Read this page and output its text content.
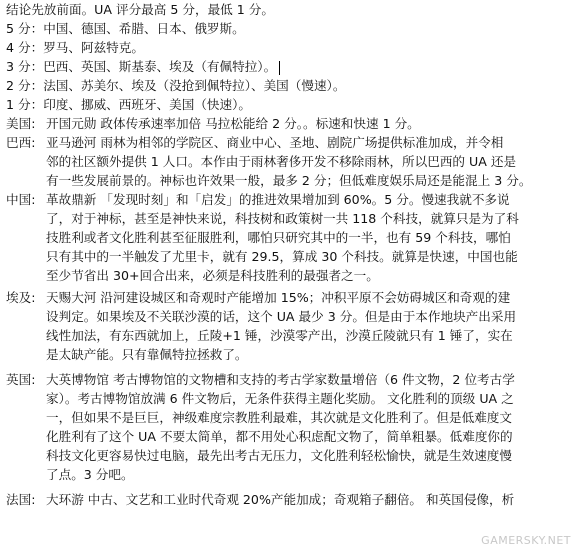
结论先放前面。UA 评分最高 5 分，最低 1 分。
5 分：中国、德国、希腊、日本、俄罗斯。
4 分：罗马、阿兹特克。
3 分：巴西、英国、斯基泰、埃及（有佩特拉）。
2 分：法国、苏美尔、埃及（没抢到佩特拉）、美国（慢速）。
1 分：印度、挪威、西班牙、美国（快速）。
美国: 开国元勋 政体传承速率加倍 马拉松能给 2 分。。标速和快速 1 分。
巴西: 亚马逊河 雨林为相邻的学院区、商业中心、圣地、剧院广场提供标准加成，并令相
邻的社区额外提供 1 人口。本作由于雨林奢侈开发不移除雨林，所以巴西的 UA 还是
有一些发展前景的。神标也许效果一般，最多 2 分；但低难度娱乐局还是能混上 3 分。
中国: 革故鼎新 「发现时刻」和「启发」的推进效果增加到 60%。5 分。慢速我就不多说
了，对于神标，甚至是神快来说，科技树和政策树一共 118 个科技，就算只是为了科
技胜利或者文化胜利甚至征服胜利，哪怕只研究其中的一半，也有 59 个科技，哪怕
只有其中的一半触发了尤里卡，就有 29.5，算成 30 个科技。就算是快速，中国也能
至少节省出 30+回合出来，必须是科技胜利的最强者之一。
埃及: 天赐大河 沿河建设城区和奇观时产能增加 15%；冲积平原不会妨碍城区和奇观的建
设判定。如果埃及不关联沙漠的话，这个 UA 最少 3 分。但是由于本作地块产出采用
线性加法，有东西就加上，丘陵+1 锤，沙漠零产出，沙漠丘陵就只有 1 锤了，实在
是太缺产能。只有靠佩特拉拯救了。
英国: 大英博物馆 考古博物馆的文物槽和支持的考古学家数量增倍（6 件文物，2 位考古学
家）。考古博物馆放满 6 件文物后，无条件获得主题化奖励。 文化胜利的顶级 UA 之
一，但如果不是巨巨，神级难度宗教胜利最难，其次就是文化胜利了。但是低难度文
化胜利有了这个 UA 不要太简单，都不用处心积虑配文物了，简单粗暴。低难度你的
科技文化更容易快过电脑，最先出考古无压力，文化胜利轻松愉快，就是生效速度慢
了点。3 分吧。
法国: 大环游 中古、文艺和工业时代奇观 20%产能加成；奇观箱子翻倍。 和英国侵像，析
GAMERSKY.NET
